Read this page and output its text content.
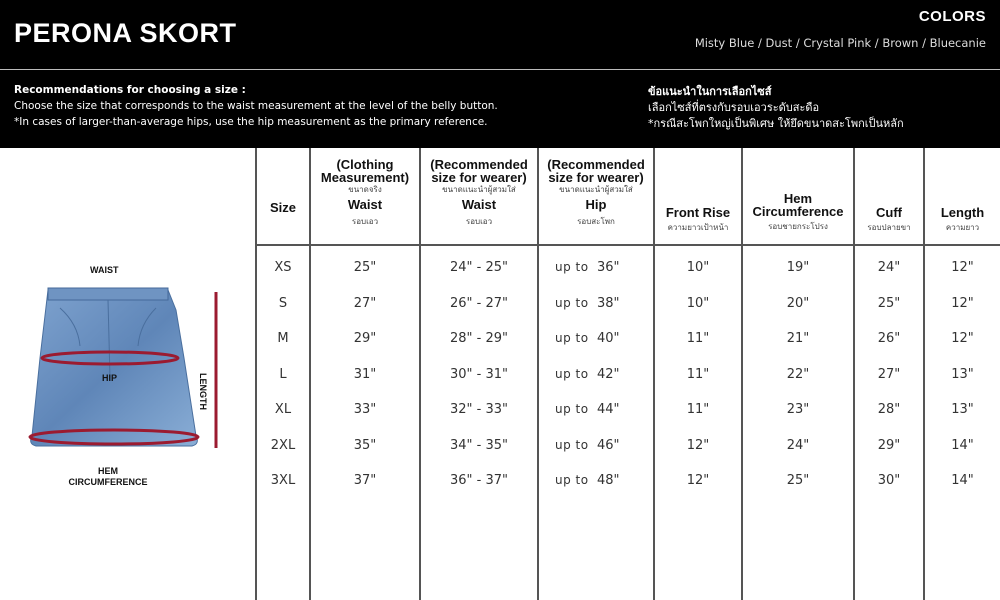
PERONA SKORT
COLORS
Misty Blue / Dust / Crystal Pink / Brown / Bluecanie
Recommendations for choosing a size :
Choose the size that corresponds to the waist measurement at the level of the belly button.
*In cases of larger-than-average hips, use the hip measurement as the primary reference.
ข้อแนะนำในการเลือกไซส์
เลือกไซส์ที่ตรงกับรอบเอวระดับสะดือ
*กรณีสะโพกใหญ่เป็นพิเศษ ให้ยึดขนาดสะโพกเป็นหลัก
WAIST
HIP	LENGTH
HEM
CIRCUMFERENCE
Size
(Clothing Measurement)
ขนาดจริง
Waist
รอบเอว
(Recommended size for wearer)
ขนาดแนะนำผู้สวมใส่
Waist
รอบเอว
(Recommended size for wearer)
ขนาดแนะนำผู้สวมใส่
Hip
รอบสะโพก
Front Rise
ความยาวเป้าหน้า
Hem Circumference
รอบชายกระโปรง
Cuff
รอบปลายขา
Length
ความยาว
XS	25"	24" - 25"	up to 36"	10"	19"	24"	12"
S	27"	26" - 27"	up to 38"	10"	20"	25"	12"
M	29"	28" - 29"	up to 40"	11"	21"	26"	12"
L	31"	30" - 31"	up to 42"	11"	22"	27"	13"
XL	33"	32" - 33"	up to 44"	11"	23"	28"	13"
2XL	35"	34" - 35"	up to 46"	12"	24"	29"	14"
3XL	37"	36" - 37"	up to 48"	12"	25"	30"	14"
